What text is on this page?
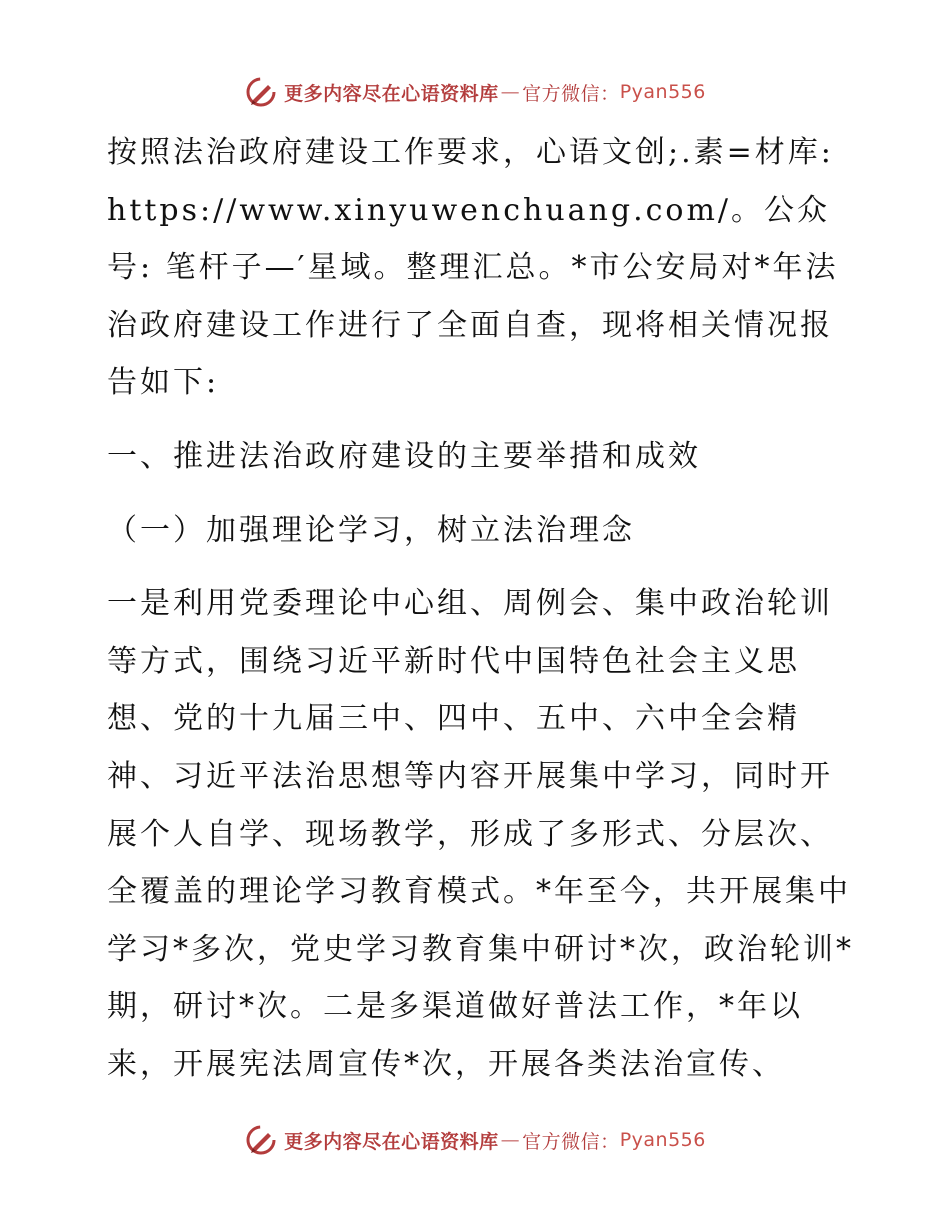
更多内容尽在心语资料库 — 官方微信： Pyan556

按照法治政府建设工作要求，心语文创;.素=材库: https://www.xinyuwenchuang.com/。公众号: 笔杆子—′星域。整理汇总。*市公安局对*年法治政府建设工作进行了全面自查，现将相关情况报告如下:

一、推进法治政府建设的主要举措和成效

（一）加强理论学习，树立法治理念

一是利用党委理论中心组、周例会、集中政治轮训等方式，围绕习近平新时代中国特色社会主义思想、党的十九届三中、四中、五中、六中全会精神、习近平法治思想等内容开展集中学习，同时开展个人自学、现场教学，形成了多形式、分层次、全覆盖的理论学习教育模式。*年至今，共开展集中学习*多次，党史学习教育集中研讨*次，政治轮训*期，研讨*次。二是多渠道做好普法工作，*年以来，开展宪法周宣传*次，开展各类法治宣传、

更多内容尽在心语资料库 — 官方微信： Pyan556
